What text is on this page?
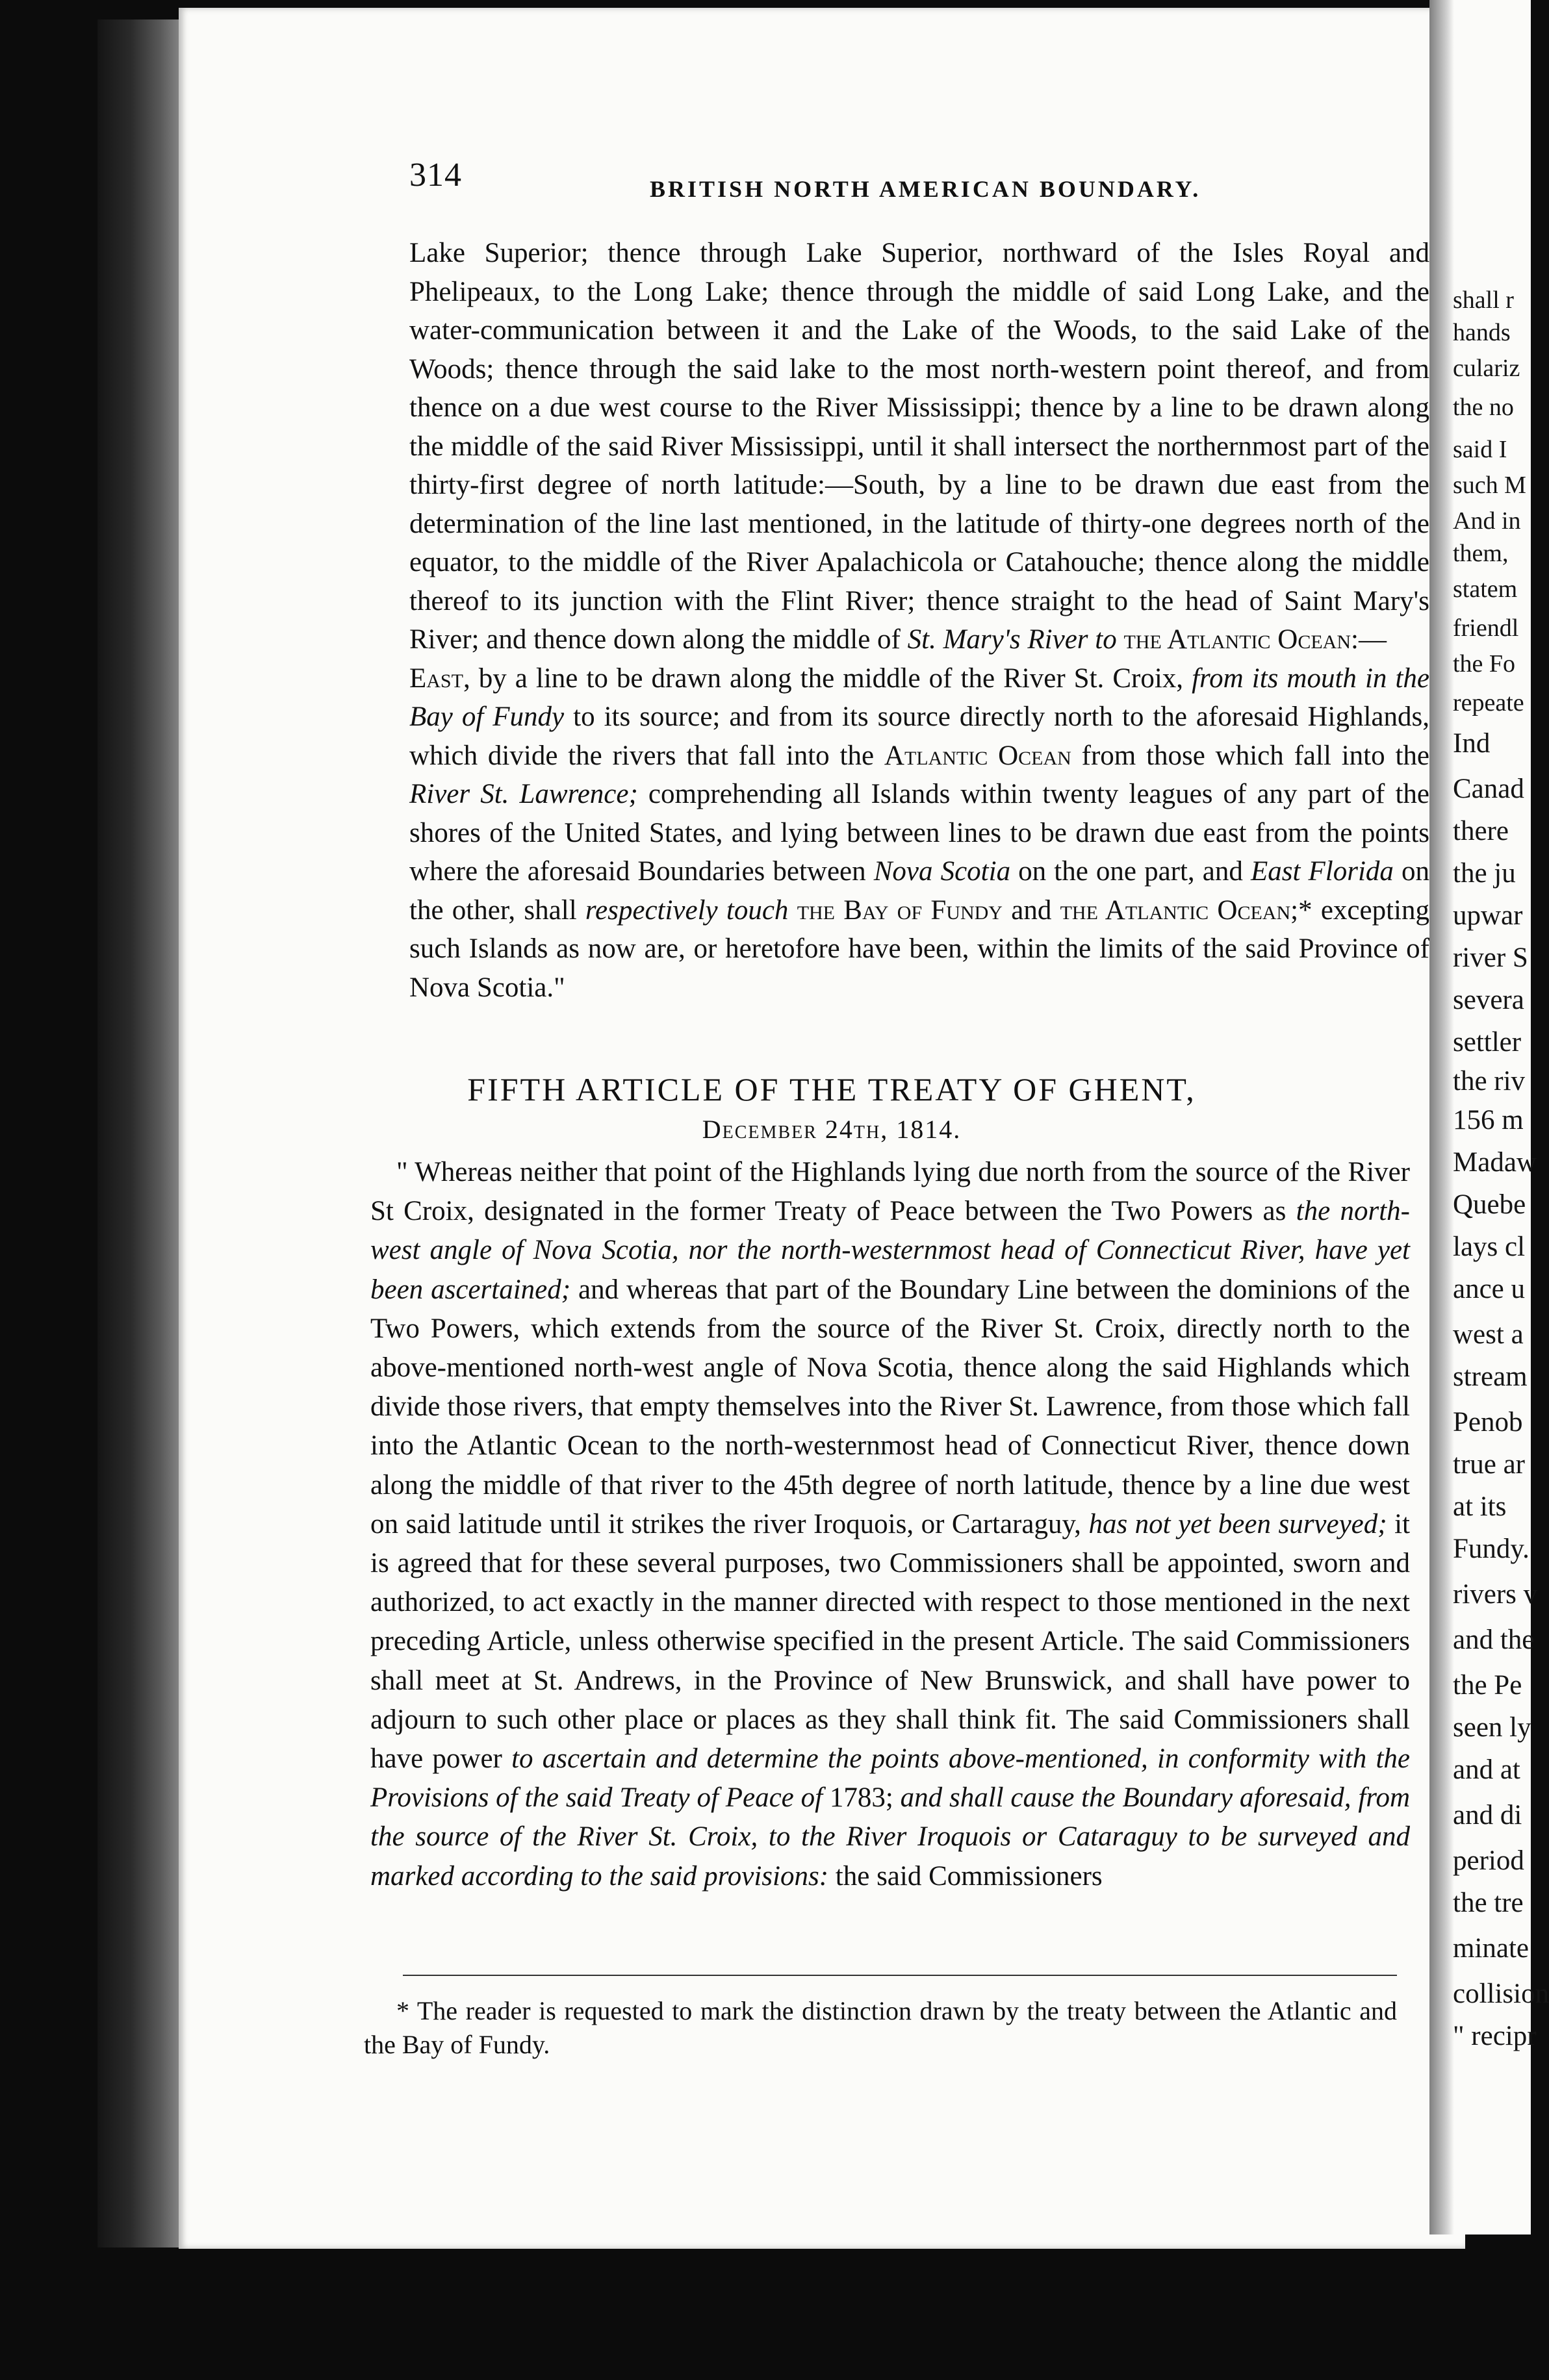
314	BRITISH NORTH AMERICAN BOUNDARY.

Lake Superior; thence through Lake Superior, northward of the Isles Royal and Phelipeaux, to the Long Lake; thence through the middle of said Long Lake, and the water-communication between it and the Lake of the Woods, to the said Lake of the Woods; thence through the said lake to the most north-western point thereof, and from thence on a due west course to the River Mississippi; thence by a line to be drawn along the middle of the said River Mississippi, until it shall intersect the northernmost part of the thirty-first degree of north latitude:—South, by a line to be drawn due east from the determination of the line last mentioned, in the latitude of thirty-one degrees north of the equator, to the middle of the River Apalachicola or Catahouche; thence along the middle thereof to its junction with the Flint River; thence straight to the head of Saint Mary's River; and thence down along the middle of St. Mary's River to the Atlantic Ocean:—
East, by a line to be drawn along the middle of the River St. Croix, from its mouth in the Bay of Fundy to its source; and from its source directly north to the aforesaid Highlands, which divide the rivers that fall into the Atlantic Ocean from those which fall into the River St. Lawrence; comprehending all Islands within twenty leagues of any part of the shores of the United States, and lying between lines to be drawn due east from the points where the aforesaid Boundaries between Nova Scotia on the one part, and East Florida on the other, shall respectively touch the Bay of Fundy and the Atlantic Ocean;* excepting such Islands as now are, or heretofore have been, within the limits of the said Province of Nova Scotia."

FIFTH ARTICLE OF THE TREATY OF GHENT,
December 24th, 1814.

" Whereas neither that point of the Highlands lying due north from the source of the River St Croix, designated in the former Treaty of Peace between the Two Powers as the north-west angle of Nova Scotia, nor the north-westernmost head of Connecticut River, have yet been ascertained; and whereas that part of the Boundary Line between the dominions of the Two Powers, which extends from the source of the River St. Croix, directly north to the above-mentioned north-west angle of Nova Scotia, thence along the said Highlands which divide those rivers, that empty themselves into the River St. Lawrence, from those which fall into the Atlantic Ocean to the north-westernmost head of Connecticut River, thence down along the middle of that river to the 45th degree of north latitude, thence by a line due west on said latitude until it strikes the river Iroquois, or Cartaraguy, has not yet been surveyed; it is agreed that for these several purposes, two Commissioners shall be appointed, sworn and authorized, to act exactly in the manner directed with respect to those mentioned in the next preceding Article, unless otherwise specified in the present Article. The said Commissioners shall meet at St. Andrews, in the Province of New Brunswick, and shall have power to adjourn to such other place or places as they shall think fit. The said Commissioners shall have power to ascertain and determine the points above-mentioned, in conformity with the Provisions of the said Treaty of Peace of 1783; and shall cause the Boundary aforesaid, from the source of the River St. Croix, to the River Iroquois or Cataraguy to be surveyed and marked according to the said provisions: the said Commissioners

* The reader is requested to mark the distinction drawn by the treaty between the Atlantic and the Bay of Fundy.

shall r
hands
culariz
the no
said I
such M
And in
them,
statem
friendl
the Fo
repeate
Ind
Canad
there
the ju
upwar
river S
severa
settler
the riv
156 m
Madaw
Quebe
lays cl
ance u
west a
stream
Penob
true ar
at its
Fundy.
rivers v
and the
the Pe
seen ly
and at
and di
period
the tre
minate
collision
" recipr
